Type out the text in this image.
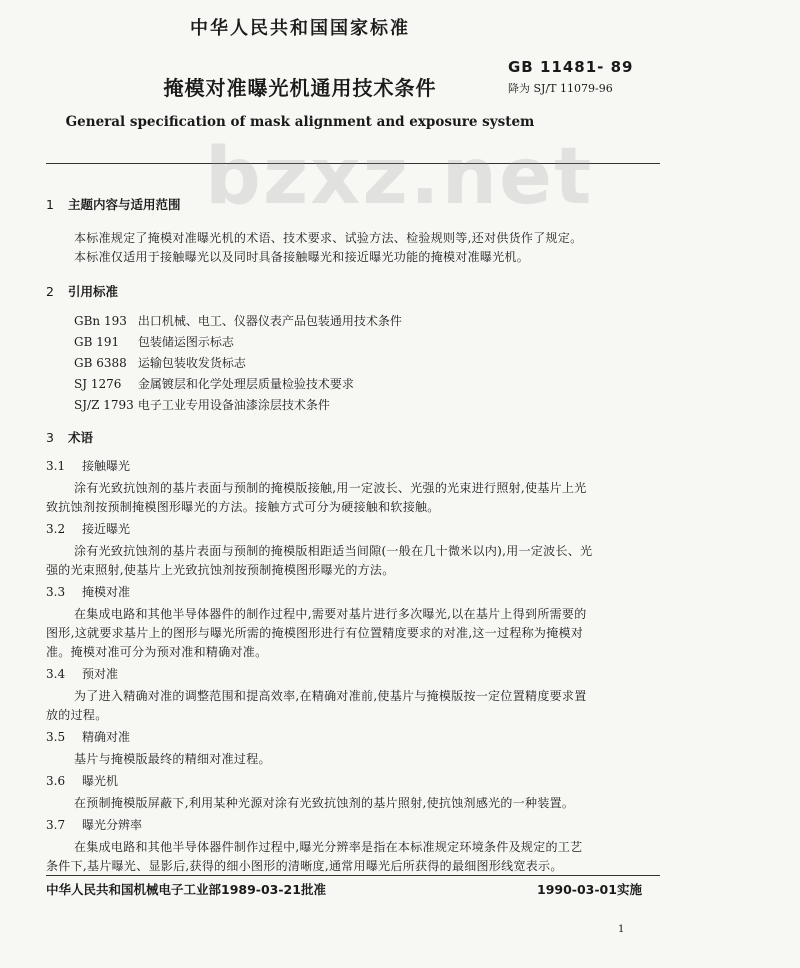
中华人民共和国国家标准
GB 11481- 89
降为 SJ/T 11079-96
掩模对准曝光机通用技术条件
General specification of mask alignment and exposure system
bzxz.net
1 主题内容与适用范围
本标准规定了掩模对准曝光机的术语、技术要求、试验方法、检验规则等,还对供货作了规定。
本标准仅适用于接触曝光以及同时具备接触曝光和接近曝光功能的掩模对准曝光机。
2 引用标准
GBn 193 出口机械、电工、仪器仪表产品包装通用技术条件
GB 191 包装储运图示标志
GB 6388 运输包装收发货标志
SJ 1276 金属镀层和化学处理层质量检验技术要求
SJ/Z 1793 电子工业专用设备油漆涂层技术条件
3 术语
3.1 接触曝光
涂有光致抗蚀剂的基片表面与预制的掩模版接触,用一定波长、光强的光束进行照射,使基片上光
致抗蚀剂按预制掩模图形曝光的方法。接触方式可分为硬接触和软接触。
3.2 接近曝光
涂有光致抗蚀剂的基片表面与预制的掩模版相距适当间隙(一般在几十微米以内),用一定波长、光
强的光束照射,使基片上光致抗蚀剂按预制掩模图形曝光的方法。
3.3 掩模对准
在集成电路和其他半导体器件的制作过程中,需要对基片进行多次曝光,以在基片上得到所需要的
图形,这就要求基片上的图形与曝光所需的掩模图形进行有位置精度要求的对准,这一过程称为掩模对
准。掩模对准可分为预对准和精确对准。
3.4 预对准
为了进入精确对准的调整范围和提高效率,在精确对准前,使基片与掩模版按一定位置精度要求置
放的过程。
3.5 精确对准
基片与掩模版最终的精细对准过程。
3.6 曝光机
在预制掩模版屏蔽下,利用某种光源对涂有光致抗蚀剂的基片照射,使抗蚀剂感光的一种装置。
3.7 曝光分辨率
在集成电路和其他半导体器件制作过程中,曝光分辨率是指在本标准规定环境条件及规定的工艺
条件下,基片曝光、显影后,获得的细小图形的清晰度,通常用曝光后所获得的最细图形线宽表示。
中华人民共和国机械电子工业部1989-03-21批准	1990-03-01实施
1
